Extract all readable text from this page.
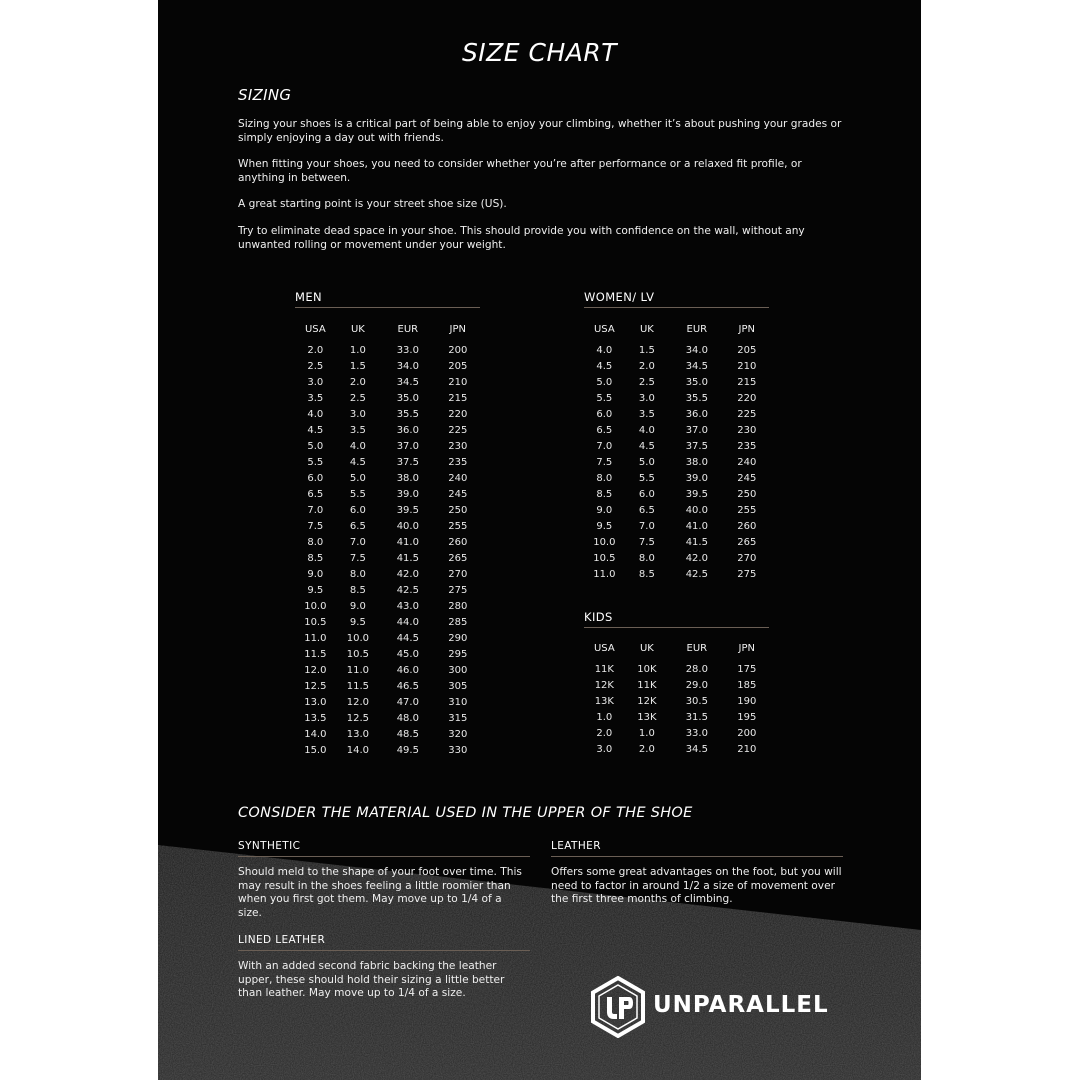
SIZE CHART
SIZING
Sizing your shoes is a critical part of being able to enjoy your climbing, whether it’s about pushing your grades or simply enjoying a day out with friends.
When fitting your shoes, you need to consider whether you’re after performance or a relaxed fit profile, or anything in between.
A great starting point is your street shoe size (US).
Try to eliminate dead space in your shoe. This should provide you with confidence on the wall, without any unwanted rolling or movement under your weight.
MEN
USA	UK	EUR	JPN
2.0	1.0	33.0	200
2.5	1.5	34.0	205
3.0	2.0	34.5	210
3.5	2.5	35.0	215
4.0	3.0	35.5	220
4.5	3.5	36.0	225
5.0	4.0	37.0	230
5.5	4.5	37.5	235
6.0	5.0	38.0	240
6.5	5.5	39.0	245
7.0	6.0	39.5	250
7.5	6.5	40.0	255
8.0	7.0	41.0	260
8.5	7.5	41.5	265
9.0	8.0	42.0	270
9.5	8.5	42.5	275
10.0	9.0	43.0	280
10.5	9.5	44.0	285
11.0	10.0	44.5	290
11.5	10.5	45.0	295
12.0	11.0	46.0	300
12.5	11.5	46.5	305
13.0	12.0	47.0	310
13.5	12.5	48.0	315
14.0	13.0	48.5	320
15.0	14.0	49.5	330
WOMEN/ LV
USA	UK	EUR	JPN
4.0	1.5	34.0	205
4.5	2.0	34.5	210
5.0	2.5	35.0	215
5.5	3.0	35.5	220
6.0	3.5	36.0	225
6.5	4.0	37.0	230
7.0	4.5	37.5	235
7.5	5.0	38.0	240
8.0	5.5	39.0	245
8.5	6.0	39.5	250
9.0	6.5	40.0	255
9.5	7.0	41.0	260
10.0	7.5	41.5	265
10.5	8.0	42.0	270
11.0	8.5	42.5	275
KIDS
USA	UK	EUR	JPN
11K	10K	28.0	175
12K	11K	29.0	185
13K	12K	30.5	190
1.0	13K	31.5	195
2.0	1.0	33.0	200
3.0	2.0	34.5	210
CONSIDER THE MATERIAL USED IN THE UPPER OF THE SHOE
SYNTHETIC
Should meld to the shape of your foot over time. This may result in the shoes feeling a little roomier than when you first got them. May move up to 1/4 of a size.
LEATHER
Offers some great advantages on the foot, but you will need to factor in around 1/2 a size of movement over the first three months of climbing.
LINED LEATHER
With an added second fabric backing the leather upper, these should hold their sizing a little better than leather. May move up to 1/4 of a size.	UNPARALLEL
